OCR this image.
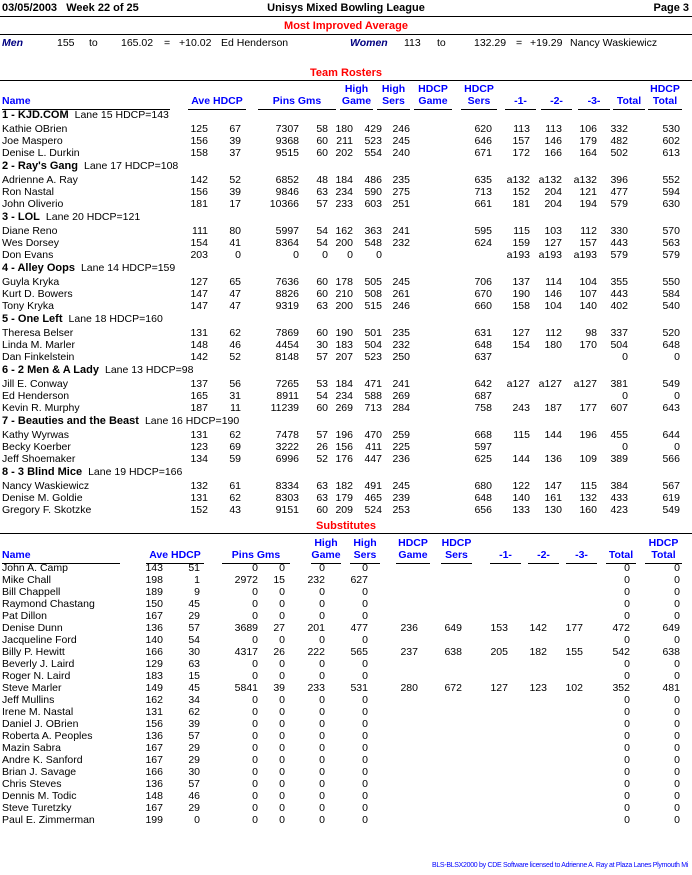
03/05/2003 Week 22 of 25	Unisys Mixed Bowling League	Page 3
Most Improved Average
Men	155 to 165.02 = +10.02 Ed Henderson	Women 113 to	132.29 = +19.29 Nancy Waskiewicz
Team Rosters

Name
	Ave HDCP
	Pins Gms
High
Game
High
Sers
HDCP
Game
HDCP
Sers
	-1-
	-2-
	-3-
	Total
HDCP
Total
1 - KJD.COM Lane 15 HDCP=143
Kathie OBrien	125 67	7307 58 180 429 246	620 113 113 106 332	530
Joe Maspero	156 39	9368 60 211 523 245	646 157 146 179 482	602
Denise L. Durkin	158 37	9515 60 202 554 240	671 172 166 164 502	613
2 - Ray's Gang Lane 17 HDCP=108
Adrienne A. Ray	142 52	6852 48 184 486 235	635 a132 a132 a132 396	552
Ron Nastal	156 39	9846 63 234 590 275	713 152 204 121 477	594
John Oliverio	181 17	10366 57 233 603 251	661 181 204 194 579	630
3 - LOL Lane 20 HDCP=121
Diane Reno	111 80	5997 54 162 363 241	595 115 103 112 330	570
Wes Dorsey	154 41	8364 54 200 548 232	624 159 127 157 443	563
Don Evans	203	0	0 0 0 0	a193 a193 a193 579	579
4 - Alley Oops Lane 14 HDCP=159
Guyla Kryka	127 65	7636 60 178 505 245	706 137 114 104 355	550
Kurt D. Bowers	147 47	8826 60 210 508 261	670 190 146 107 443	584
Tony Kryka	147 47	9319 63 200 515 246	660 158 104 140 402	540
5 - One Left Lane 18 HDCP=160
Theresa Belser	131 62	7869 60 190 501 235	631 127 112 98 337	520
Linda M. Marler	148 46	4454 30 183 504 232	648 154 180 170 504	648
Dan Finkelstein	142 52	8148 57 207 523 250	637	0	0
6 - 2 Men & A Lady Lane 13 HDCP=98
Jill E. Conway	137 56	7265 53 184 471 241	642 a127 a127 a127 381	549
Ed Henderson	165 31	8911 54 234 588 269	687	0	0
Kevin R. Murphy	187 11	11239 60 269 713 284	758 243 187 177 607	643
7 - Beauties and the Beast Lane 16 HDCP=190
Kathy Wyrwas	131 62	7478 57 196 470 259	668 115 144 196 455	644
Becky Koerber	123 69	3222 26 156 411 225	597	0	0
Jeff Shoemaker	134 59	6996 52 176 447 236	625 144 136 109 389	566
8 - 3 Blind Mice Lane 19 HDCP=166
Nancy Waskiewicz	132 61	8334 63 182 491 245	680 122 147 115 384	567
Denise M. Goldie	131 62	8303 63 179 465 239	648 140 161 132 433	619
Gregory F. Skotzke	152 43	9151 60 209 524 253	656 133 130 160 423	549
Substitutes

Name
	Ave HDCP
	Pins Gms
High
Game
High
Sers
HDCP
Game
HDCP
Sers
	-1-
	-2-
	-3-
	Total
HDCP
Total
John A. Camp	143 51	0 0	0	0	0	0
Mike Chall	198	1	2972 15 232 627	0	0
Bill Chappell	189	9	0 0	0	0	0	0
Raymond Chastang	150 45	0 0	0	0	0	0
Pat Dillon	167 29	0 0	0	0	0	0
Denise Dunn	136 57	3689 27 201 477	236	649	153 142 177	472	649
Jacqueline Ford	140 54	0 0	0	0	0	0
Billy P. Hewitt	166 30	4317 26 222 565	237	638	205 182 155	542	638
Beverly J. Laird	129 63	0 0	0	0	0	0
Roger N. Laird	183 15	0 0	0	0	0	0
Steve Marler	149 45	5841 39 233 531	280	672	127 123 102	352	481
Jeff Mullins	162 34	0 0	0	0	0	0
Irene M. Nastal	131 62	0 0	0	0	0	0
Daniel J. OBrien	156 39	0 0	0	0	0	0
Roberta A. Peoples	136 57	0 0	0	0	0	0
Mazin Sabra	167 29	0 0	0	0	0	0
Andre K. Sanford	167 29	0 0	0	0	0	0
Brian J. Savage	166 30	0 0	0	0	0	0
Chris Steves	136 57	0 0	0	0	0	0
Dennis M. Todic	148 46	0 0	0	0	0	0
Steve Turetzky	167 29	0 0	0	0	0	0
Paul E. Zimmerman	199	0	0 0	0	0	0	0
BLS-BLSX2000 by CDE Software licensed to Adrienne A. Ray at Plaza Lanes Plymouth Mi
